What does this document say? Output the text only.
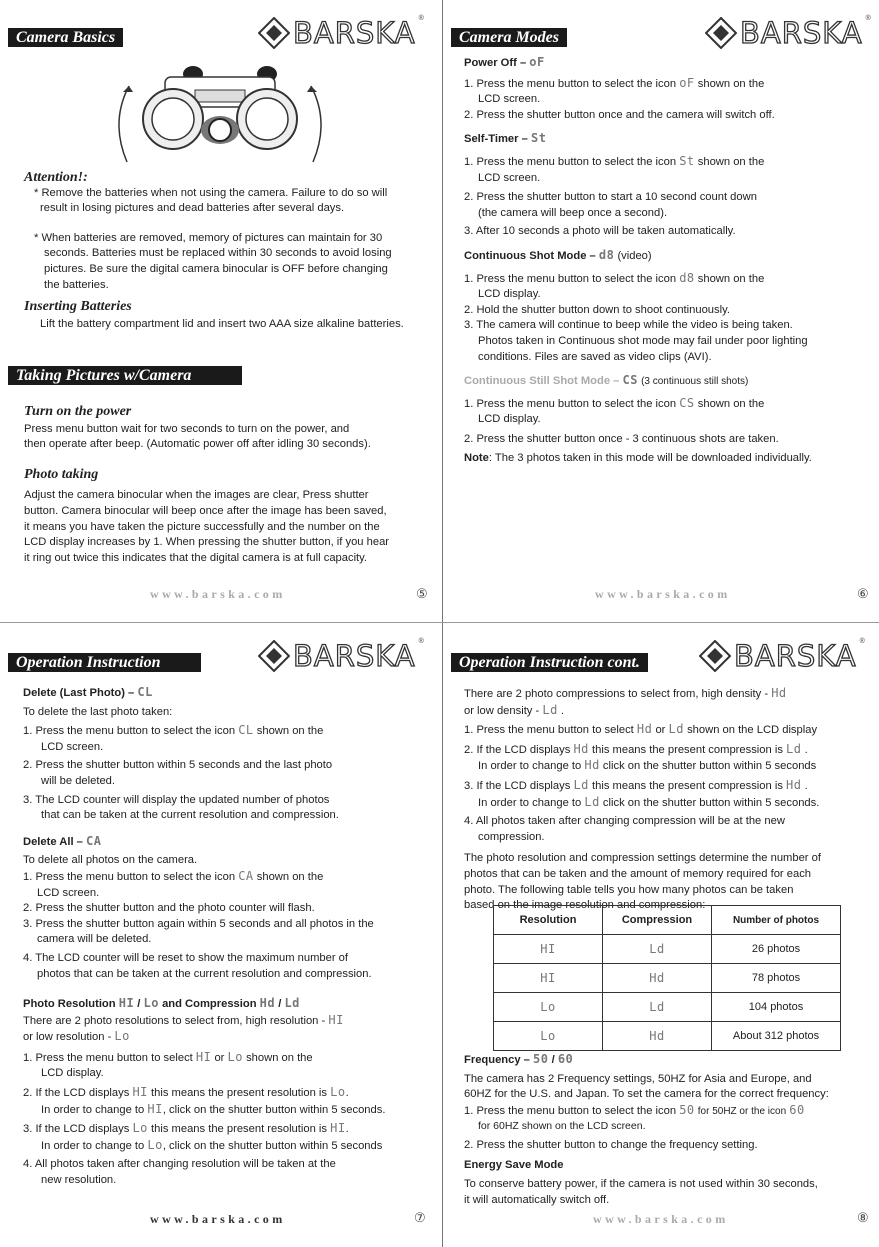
Camera Basics	BARSKA ®

Attention!:

* Remove the batteries when not using the camera. Failure to do so will

result in losing pictures and dead batteries after several days.

* When batteries are removed, memory of pictures can maintain for 30

seconds. Batteries must be replaced within 30 seconds to avoid losing

pictures. Be sure the digital camera binocular is OFF before changing

the batteries.

Inserting Batteries

Lift the battery compartment lid and insert two AAA size alkaline batteries.

Taking Pictures w/Camera

Turn on the power

Press menu button wait for two seconds to turn on the power, and

then operate after beep. (Automatic power off after idling 30 seconds).

Photo taking

Adjust the camera binocular when the images are clear, Press shutter

button. Camera binocular will beep once after the image has been saved,

it means you have taken the picture successfully and the number on the

LCD display increases by 1. When pressing the shutter button, if you hear

it ring out twice this indicates that the digital camera is at full capacity.

www.barska.com	⑤
Camera Modes	BARSKA ®

Power Off – oF

1. Press the menu button to select the icon oF shown on the

LCD screen.

2. Press the shutter button once and the camera will switch off.

Self-Timer – St

1. Press the menu button to select the icon St shown on the

LCD screen.

2. Press the shutter button to start a 10 second count down

(the camera will beep once a second).

3. After 10 seconds a photo will be taken automatically.

Continuous Shot Mode – d8 (video)

1. Press the menu button to select the icon d8 shown on the

LCD display.

2. Hold the shutter button down to shoot continuously.

3. The camera will continue to beep while the video is being taken.

Photos taken in Continuous shot mode may fail under poor lighting

conditions. Files are saved as video clips (AVI).

Continuous Still Shot Mode – CS (3 continuous still shots)

1. Press the menu button to select the icon CS shown on the

LCD display.

2. Press the shutter button once - 3 continuous shots are taken.

Note: The 3 photos taken in this mode will be downloaded individually.

www.barska.com	⑥
Operation Instruction	BARSKA ®

Delete (Last Photo) – CL

To delete the last photo taken:

1. Press the menu button to select the icon CL shown on the

LCD screen.

2. Press the shutter button within 5 seconds and the last photo

will be deleted.

3. The LCD counter will display the updated number of photos

that can be taken at the current resolution and compression.

Delete All – CA

To delete all photos on the camera.

1. Press the menu button to select the icon CA shown on the

LCD screen.

2. Press the shutter button and the photo counter will flash.

3. Press the shutter button again within 5 seconds and all photos in the

camera will be deleted.

4. The LCD counter will be reset to show the maximum number of

photos that can be taken at the current resolution and compression.

Photo Resolution HI / Lo and Compression Hd / Ld

There are 2 photo resolutions to select from, high resolution - HI

or low resolution - Lo

1. Press the menu button to select HI or Lo shown on the

LCD display.

2. If the LCD displays HI this means the present resolution is Lo.

In order to change to HI, click on the shutter button within 5 seconds.

3. If the LCD displays Lo this means the present resolution is HI.

In order to change to Lo, click on the shutter button within 5 seconds

4. All photos taken after changing resolution will be taken at the

new resolution.

www.barska.com	⑦
Operation Instruction cont.	BARSKA ®

There are 2 photo compressions to select from, high density - Hd

or low density - Ld .

1. Press the menu button to select Hd or Ld shown on the LCD display

2. If the LCD displays Hd this means the present compression is Ld .

In order to change to Hd click on the shutter button within 5 seconds

3. If the LCD displays Ld this means the present compression is Hd .

In order to change to Ld click on the shutter button within 5 seconds.

4. All photos taken after changing compression will be at the new

compression.

The photo resolution and compression settings determine the number of

photos that can be taken and the amount of memory required for each

photo. The following table tells you how many photos can be taken

based on the image resolution and compression:

Resolution	Compression	Number of photos
HI	Ld	26 photos
HI	Hd	78 photos
Lo	Ld	104 photos
Lo	Hd	About 312 photos

Frequency – 50 / 60

The camera has 2 Frequency settings, 50HZ for Asia and Europe, and

60HZ for the U.S. and Japan. To set the camera for the correct frequency:

1. Press the menu button to select the icon 50 for 50HZ or the icon 60

for 60HZ shown on the LCD screen.

2. Press the shutter button to change the frequency setting.

Energy Save Mode

To conserve battery power, if the camera is not used within 30 seconds,

it will automatically switch off.

www.barska.com	⑧
